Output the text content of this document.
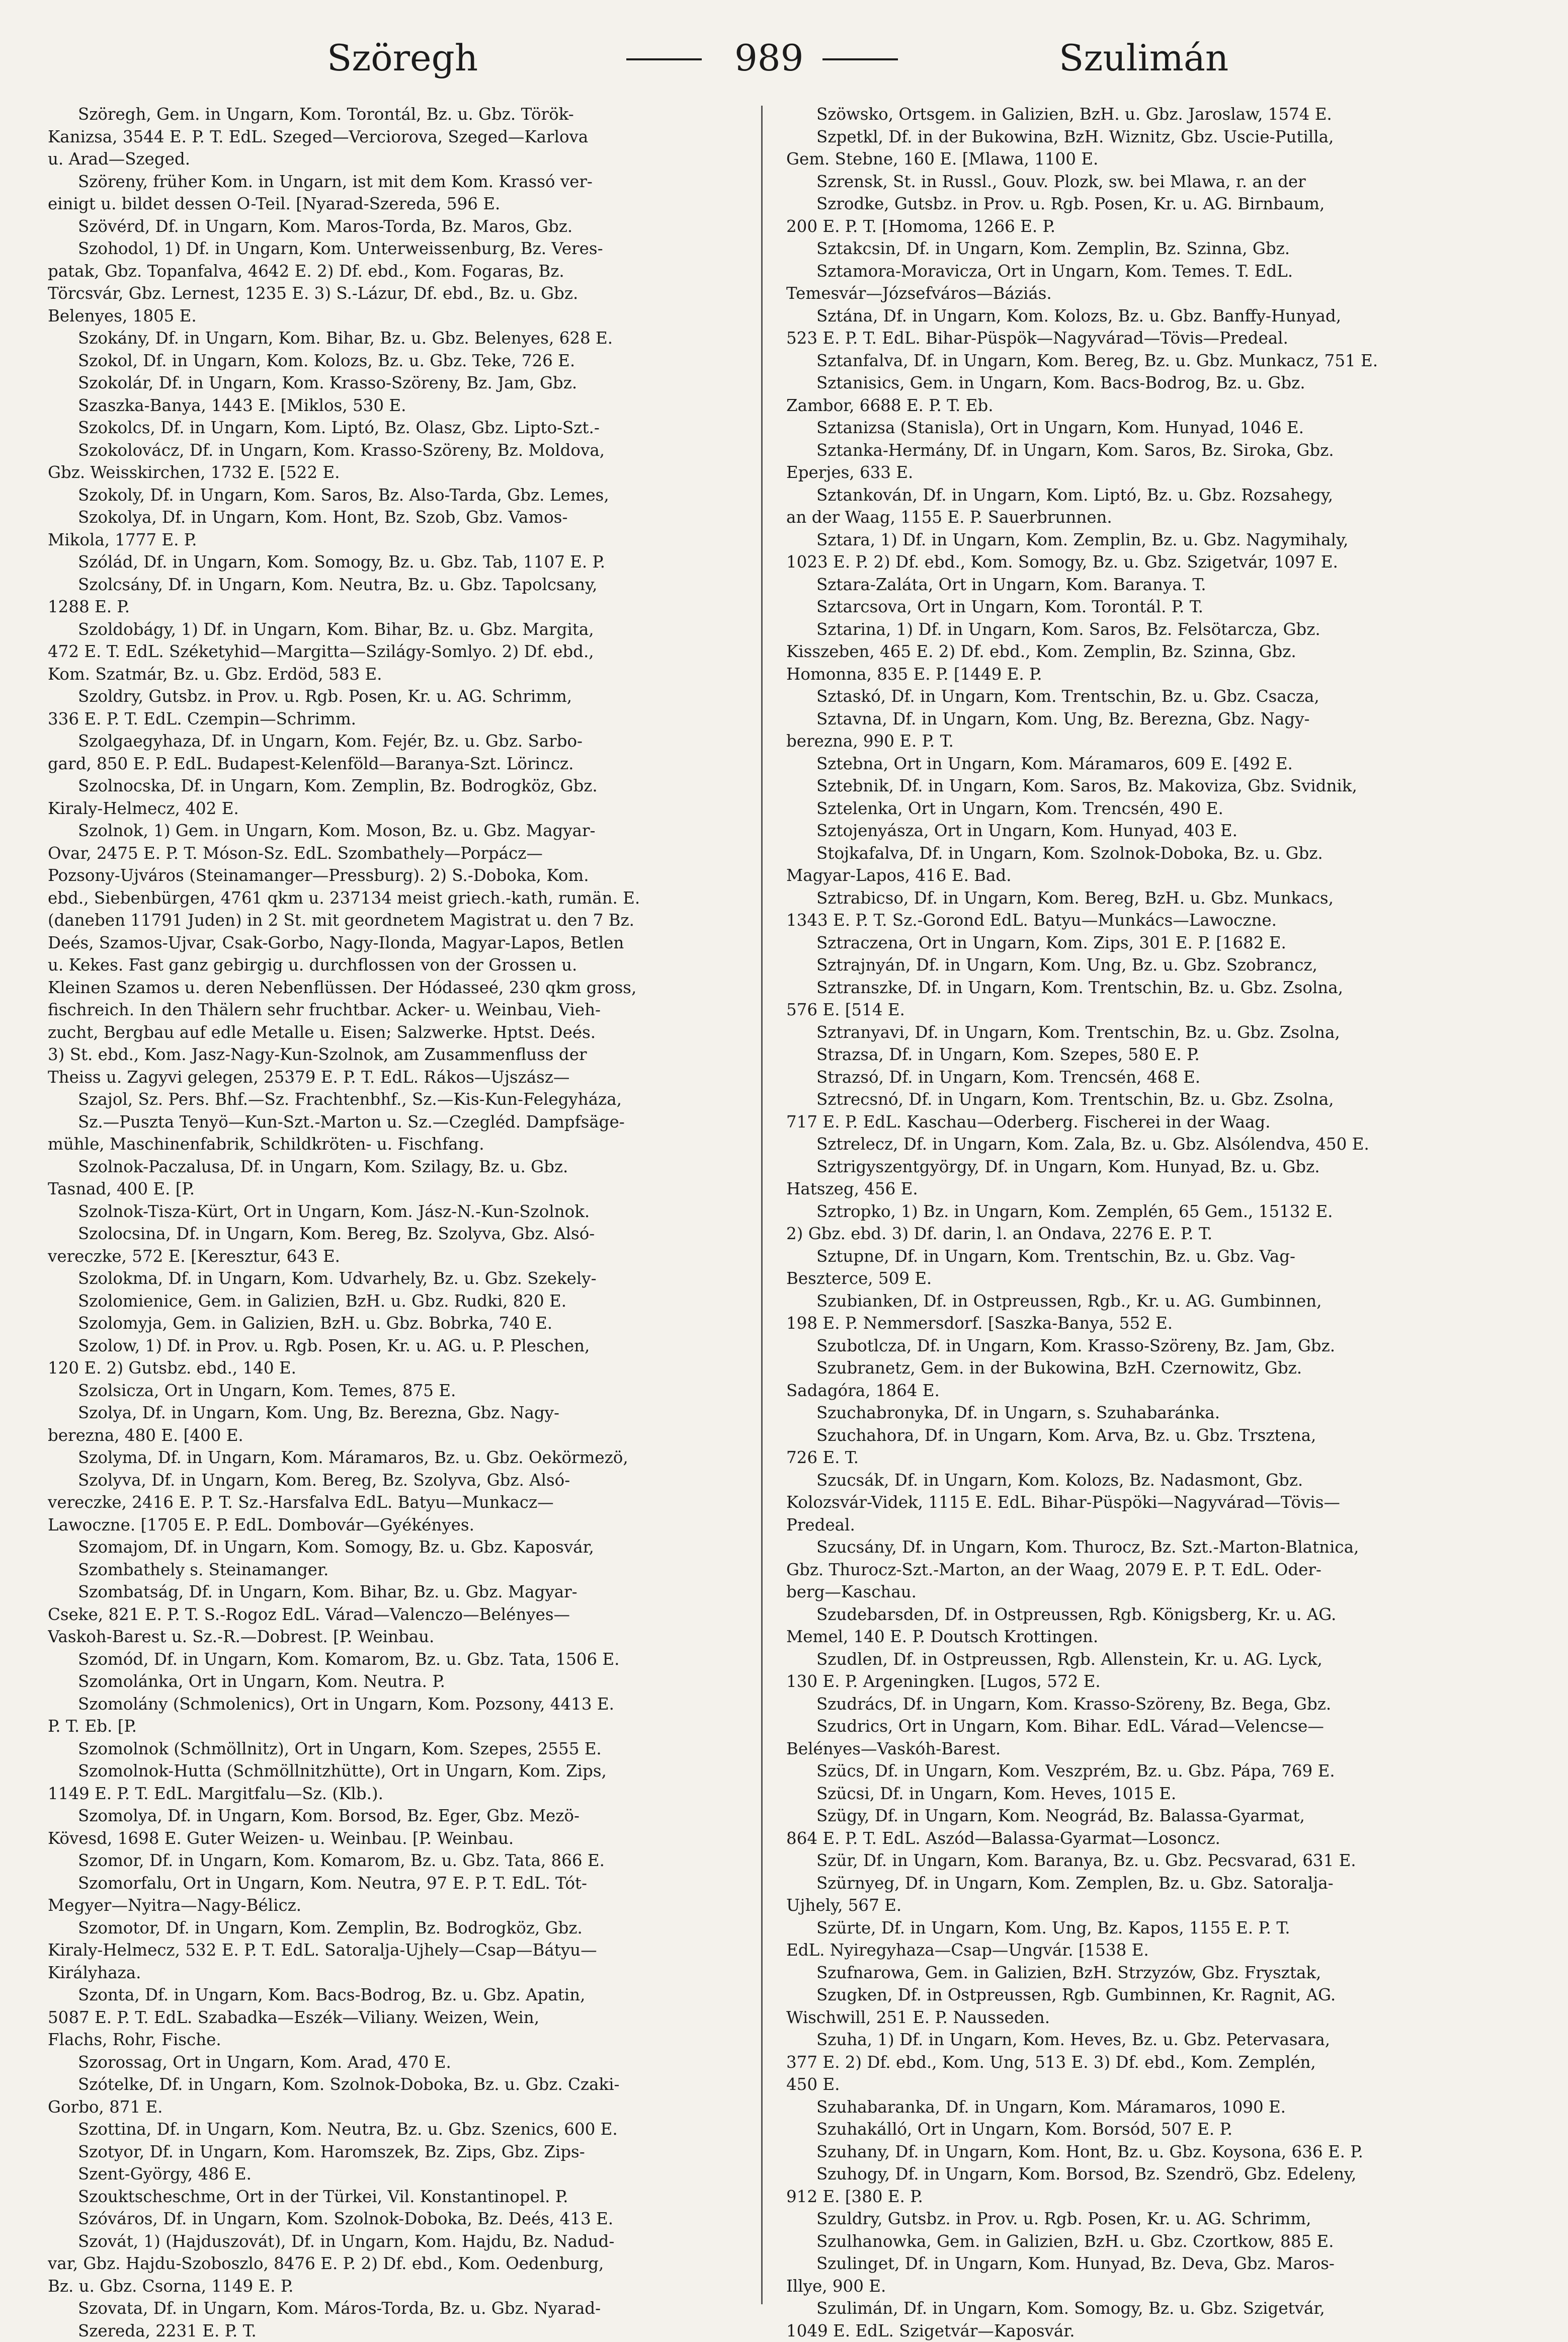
Szöregh	989	Szulimán
Szöregh, Gem. in Ungarn, Kom. Torontál, Bz. u. Gbz. Török-
Kanizsa, 3544 E. P. T. EdL. Szeged—Verciorova, Szeged—Karlova
u. Arad—Szeged.
Szöreny, früher Kom. in Ungarn, ist mit dem Kom. Krassó ver-
einigt u. bildet dessen O-Teil. [Nyarad-Szereda, 596 E.
Szövérd, Df. in Ungarn, Kom. Maros-Torda, Bz. Maros, Gbz.
Szohodol, 1) Df. in Ungarn, Kom. Unterweissenburg, Bz. Veres-
patak, Gbz. Topanfalva, 4642 E. 2) Df. ebd., Kom. Fogaras, Bz.
Törcsvár, Gbz. Lernest, 1235 E. 3) S.-Lázur, Df. ebd., Bz. u. Gbz.
Belenyes, 1805 E.
Szokány, Df. in Ungarn, Kom. Bihar, Bz. u. Gbz. Belenyes, 628 E.
Szokol, Df. in Ungarn, Kom. Kolozs, Bz. u. Gbz. Teke, 726 E.
Szokolár, Df. in Ungarn, Kom. Krasso-Szöreny, Bz. Jam, Gbz.
Szaszka-Banya, 1443 E. [Miklos, 530 E.
Szokolcs, Df. in Ungarn, Kom. Liptó, Bz. Olasz, Gbz. Lipto-Szt.-
Szokolovácz, Df. in Ungarn, Kom. Krasso-Szöreny, Bz. Moldova,
Gbz. Weisskirchen, 1732 E. [522 E.
Szokoly, Df. in Ungarn, Kom. Saros, Bz. Also-Tarda, Gbz. Lemes,
Szokolya, Df. in Ungarn, Kom. Hont, Bz. Szob, Gbz. Vamos-
Mikola, 1777 E. P.
Szólád, Df. in Ungarn, Kom. Somogy, Bz. u. Gbz. Tab, 1107 E. P.
Szolcsány, Df. in Ungarn, Kom. Neutra, Bz. u. Gbz. Tapolcsany,
1288 E. P.
Szoldobágy, 1) Df. in Ungarn, Kom. Bihar, Bz. u. Gbz. Margita,
472 E. T. EdL. Széketyhid—Margitta—Szilágy-Somlyo. 2) Df. ebd.,
Kom. Szatmár, Bz. u. Gbz. Erdöd, 583 E.
Szoldry, Gutsbz. in Prov. u. Rgb. Posen, Kr. u. AG. Schrimm,
336 E. P. T. EdL. Czempin—Schrimm.
Szolgaegyhaza, Df. in Ungarn, Kom. Fejér, Bz. u. Gbz. Sarbo-
gard, 850 E. P. EdL. Budapest-Kelenföld—Baranya-Szt. Lörincz.
Szolnocska, Df. in Ungarn, Kom. Zemplin, Bz. Bodrogköz, Gbz.
Kiraly-Helmecz, 402 E.
Szolnok, 1) Gem. in Ungarn, Kom. Moson, Bz. u. Gbz. Magyar-
Ovar, 2475 E. P. T. Móson-Sz. EdL. Szombathely—Porpácz—
Pozsony-Ujváros (Steinamanger—Pressburg). 2) S.-Doboka, Kom.
ebd., Siebenbürgen, 4761 qkm u. 237134 meist griech.-kath, rumän. E.
(daneben 11791 Juden) in 2 St. mit geordnetem Magistrat u. den 7 Bz.
Deés, Szamos-Ujvar, Csak-Gorbo, Nagy-Ilonda, Magyar-Lapos, Betlen
u. Kekes. Fast ganz gebirgig u. durchflossen von der Grossen u.
Kleinen Szamos u. deren Nebenflüssen. Der Hódasseé, 230 qkm gross,
fischreich. In den Thälern sehr fruchtbar. Acker- u. Weinbau, Vieh-
zucht, Bergbau auf edle Metalle u. Eisen; Salzwerke. Hptst. Deés.
3) St. ebd., Kom. Jasz-Nagy-Kun-Szolnok, am Zusammenfluss der
Theiss u. Zagyvi gelegen, 25379 E. P. T. EdL. Rákos—Ujszász—
Szajol, Sz. Pers. Bhf.—Sz. Frachtenbhf., Sz.—Kis-Kun-Felegyháza,
Sz.—Puszta Tenyö—Kun-Szt.-Marton u. Sz.—Czegléd. Dampfsäge-
mühle, Maschinenfabrik, Schildkröten- u. Fischfang.
Szolnok-Paczalusa, Df. in Ungarn, Kom. Szilagy, Bz. u. Gbz.
Tasnad, 400 E. [P.
Szolnok-Tisza-Kürt, Ort in Ungarn, Kom. Jász-N.-Kun-Szolnok.
Szolocsina, Df. in Ungarn, Kom. Bereg, Bz. Szolyva, Gbz. Alsó-
vereczke, 572 E. [Keresztur, 643 E.
Szolokma, Df. in Ungarn, Kom. Udvarhely, Bz. u. Gbz. Szekely-
Szolomienice, Gem. in Galizien, BzH. u. Gbz. Rudki, 820 E.
Szolomyja, Gem. in Galizien, BzH. u. Gbz. Bobrka, 740 E.
Szolow, 1) Df. in Prov. u. Rgb. Posen, Kr. u. AG. u. P. Pleschen,
120 E. 2) Gutsbz. ebd., 140 E.
Szolsicza, Ort in Ungarn, Kom. Temes, 875 E.
Szolya, Df. in Ungarn, Kom. Ung, Bz. Berezna, Gbz. Nagy-
berezna, 480 E. [400 E.
Szolyma, Df. in Ungarn, Kom. Máramaros, Bz. u. Gbz. Oekörmezö,
Szolyva, Df. in Ungarn, Kom. Bereg, Bz. Szolyva, Gbz. Alsó-
vereczke, 2416 E. P. T. Sz.-Harsfalva EdL. Batyu—Munkacz—
Lawoczne. [1705 E. P. EdL. Dombovár—Gyékényes.
Szomajom, Df. in Ungarn, Kom. Somogy, Bz. u. Gbz. Kaposvár,
Szombathely s. Steinamanger.
Szombatság, Df. in Ungarn, Kom. Bihar, Bz. u. Gbz. Magyar-
Cseke, 821 E. P. T. S.-Rogoz EdL. Várad—Valenczo—Belényes—
Vaskoh-Barest u. Sz.-R.—Dobrest. [P. Weinbau.
Szomód, Df. in Ungarn, Kom. Komarom, Bz. u. Gbz. Tata, 1506 E.
Szomolánka, Ort in Ungarn, Kom. Neutra. P.
Szomolány (Schmolenics), Ort in Ungarn, Kom. Pozsony, 4413 E.
P. T. Eb. [P.
Szomolnok (Schmöllnitz), Ort in Ungarn, Kom. Szepes, 2555 E.
Szomolnok-Hutta (Schmöllnitzhütte), Ort in Ungarn, Kom. Zips,
1149 E. P. T. EdL. Margitfalu—Sz. (Klb.).
Szomolya, Df. in Ungarn, Kom. Borsod, Bz. Eger, Gbz. Mezö-
Kövesd, 1698 E. Guter Weizen- u. Weinbau. [P. Weinbau.
Szomor, Df. in Ungarn, Kom. Komarom, Bz. u. Gbz. Tata, 866 E.
Szomorfalu, Ort in Ungarn, Kom. Neutra, 97 E. P. T. EdL. Tót-
Megyer—Nyitra—Nagy-Bélicz.
Szomotor, Df. in Ungarn, Kom. Zemplin, Bz. Bodrogköz, Gbz.
Kiraly-Helmecz, 532 E. P. T. EdL. Satoralja-Ujhely—Csap—Bátyu—
Királyhaza.
Szonta, Df. in Ungarn, Kom. Bacs-Bodrog, Bz. u. Gbz. Apatin,
5087 E. P. T. EdL. Szabadka—Eszék—Viliany. Weizen, Wein,
Flachs, Rohr, Fische.
Szorossag, Ort in Ungarn, Kom. Arad, 470 E.
Szótelke, Df. in Ungarn, Kom. Szolnok-Doboka, Bz. u. Gbz. Czaki-
Gorbo, 871 E.
Szottina, Df. in Ungarn, Kom. Neutra, Bz. u. Gbz. Szenics, 600 E.
Szotyor, Df. in Ungarn, Kom. Haromszek, Bz. Zips, Gbz. Zips-
Szent-György, 486 E.
Szouktscheschme, Ort in der Türkei, Vil. Konstantinopel. P.
Szóváros, Df. in Ungarn, Kom. Szolnok-Doboka, Bz. Deés, 413 E.
Szovát, 1) (Hajduszovát), Df. in Ungarn, Kom. Hajdu, Bz. Nadud-
var, Gbz. Hajdu-Szoboszlo, 8476 E. P. 2) Df. ebd., Kom. Oedenburg,
Bz. u. Gbz. Csorna, 1149 E. P.
Szovata, Df. in Ungarn, Kom. Máros-Torda, Bz. u. Gbz. Nyarad-
Szereda, 2231 E. P. T.
Szöwsko, Ortsgem. in Galizien, BzH. u. Gbz. Jaroslaw, 1574 E.
Szpetkl, Df. in der Bukowina, BzH. Wiznitz, Gbz. Uscie-Putilla,
Gem. Stebne, 160 E. [Mlawa, 1100 E.
Szrensk, St. in Russl., Gouv. Plozk, sw. bei Mlawa, r. an der
Szrodke, Gutsbz. in Prov. u. Rgb. Posen, Kr. u. AG. Birnbaum,
200 E. P. T. [Homoma, 1266 E. P.
Sztakcsin, Df. in Ungarn, Kom. Zemplin, Bz. Szinna, Gbz.
Sztamora-Moravicza, Ort in Ungarn, Kom. Temes. T. EdL.
Temesvár—Józsefváros—Báziás.
Sztána, Df. in Ungarn, Kom. Kolozs, Bz. u. Gbz. Banffy-Hunyad,
523 E. P. T. EdL. Bihar-Püspök—Nagyvárad—Tövis—Predeal.
Sztanfalva, Df. in Ungarn, Kom. Bereg, Bz. u. Gbz. Munkacz, 751 E.
Sztanisics, Gem. in Ungarn, Kom. Bacs-Bodrog, Bz. u. Gbz.
Zambor, 6688 E. P. T. Eb.
Sztanizsa (Stanisla), Ort in Ungarn, Kom. Hunyad, 1046 E.
Sztanka-Hermány, Df. in Ungarn, Kom. Saros, Bz. Siroka, Gbz.
Eperjes, 633 E.
Sztankován, Df. in Ungarn, Kom. Liptó, Bz. u. Gbz. Rozsahegy,
an der Waag, 1155 E. P. Sauerbrunnen.
Sztara, 1) Df. in Ungarn, Kom. Zemplin, Bz. u. Gbz. Nagymihaly,
1023 E. P. 2) Df. ebd., Kom. Somogy, Bz. u. Gbz. Szigetvár, 1097 E.
Sztara-Zaláta, Ort in Ungarn, Kom. Baranya. T.
Sztarcsova, Ort in Ungarn, Kom. Torontál. P. T.
Sztarina, 1) Df. in Ungarn, Kom. Saros, Bz. Felsötarcza, Gbz.
Kisszeben, 465 E. 2) Df. ebd., Kom. Zemplin, Bz. Szinna, Gbz.
Homonna, 835 E. P. [1449 E. P.
Sztaskó, Df. in Ungarn, Kom. Trentschin, Bz. u. Gbz. Csacza,
Sztavna, Df. in Ungarn, Kom. Ung, Bz. Berezna, Gbz. Nagy-
berezna, 990 E. P. T.
Sztebna, Ort in Ungarn, Kom. Máramaros, 609 E. [492 E.
Sztebnik, Df. in Ungarn, Kom. Saros, Bz. Makoviza, Gbz. Svidnik,
Sztelenka, Ort in Ungarn, Kom. Trencsén, 490 E.
Sztojenyásza, Ort in Ungarn, Kom. Hunyad, 403 E.
Stojkafalva, Df. in Ungarn, Kom. Szolnok-Doboka, Bz. u. Gbz.
Magyar-Lapos, 416 E. Bad.
Sztrabicso, Df. in Ungarn, Kom. Bereg, BzH. u. Gbz. Munkacs,
1343 E. P. T. Sz.-Gorond EdL. Batyu—Munkács—Lawoczne.
Sztraczena, Ort in Ungarn, Kom. Zips, 301 E. P. [1682 E.
Sztrajnyán, Df. in Ungarn, Kom. Ung, Bz. u. Gbz. Szobrancz,
Sztranszke, Df. in Ungarn, Kom. Trentschin, Bz. u. Gbz. Zsolna,
576 E. [514 E.
Sztranyavi, Df. in Ungarn, Kom. Trentschin, Bz. u. Gbz. Zsolna,
Strazsa, Df. in Ungarn, Kom. Szepes, 580 E. P.
Strazsó, Df. in Ungarn, Kom. Trencsén, 468 E.
Sztrecsnó, Df. in Ungarn, Kom. Trentschin, Bz. u. Gbz. Zsolna,
717 E. P. EdL. Kaschau—Oderberg. Fischerei in der Waag.
Sztrelecz, Df. in Ungarn, Kom. Zala, Bz. u. Gbz. Alsólendva, 450 E.
Sztrigyszentgyörgy, Df. in Ungarn, Kom. Hunyad, Bz. u. Gbz.
Hatszeg, 456 E.
Sztropko, 1) Bz. in Ungarn, Kom. Zemplén, 65 Gem., 15132 E.
2) Gbz. ebd. 3) Df. darin, l. an Ondava, 2276 E. P. T.
Sztupne, Df. in Ungarn, Kom. Trentschin, Bz. u. Gbz. Vag-
Beszterce, 509 E.
Szubianken, Df. in Ostpreussen, Rgb., Kr. u. AG. Gumbinnen,
198 E. P. Nemmersdorf. [Saszka-Banya, 552 E.
Szubotlcza, Df. in Ungarn, Kom. Krasso-Szöreny, Bz. Jam, Gbz.
Szubranetz, Gem. in der Bukowina, BzH. Czernowitz, Gbz.
Sadagóra, 1864 E.
Szuchabronyka, Df. in Ungarn, s. Szuhabaránka.
Szuchahora, Df. in Ungarn, Kom. Arva, Bz. u. Gbz. Trsztena,
726 E. T.
Szucsák, Df. in Ungarn, Kom. Kolozs, Bz. Nadasmont, Gbz.
Kolozsvár-Videk, 1115 E. EdL. Bihar-Püspöki—Nagyvárad—Tövis—
Predeal.
Szucsány, Df. in Ungarn, Kom. Thurocz, Bz. Szt.-Marton-Blatnica,
Gbz. Thurocz-Szt.-Marton, an der Waag, 2079 E. P. T. EdL. Oder-
berg—Kaschau.
Szudebarsden, Df. in Ostpreussen, Rgb. Königsberg, Kr. u. AG.
Memel, 140 E. P. Doutsch Krottingen.
Szudlen, Df. in Ostpreussen, Rgb. Allenstein, Kr. u. AG. Lyck,
130 E. P. Argeningken. [Lugos, 572 E.
Szudrács, Df. in Ungarn, Kom. Krasso-Szöreny, Bz. Bega, Gbz.
Szudrics, Ort in Ungarn, Kom. Bihar. EdL. Várad—Velencse—
Belényes—Vaskóh-Barest.
Szücs, Df. in Ungarn, Kom. Veszprém, Bz. u. Gbz. Pápa, 769 E.
Szücsi, Df. in Ungarn, Kom. Heves, 1015 E.
Szügy, Df. in Ungarn, Kom. Neográd, Bz. Balassa-Gyarmat,
864 E. P. T. EdL. Aszód—Balassa-Gyarmat—Losoncz.
Szür, Df. in Ungarn, Kom. Baranya, Bz. u. Gbz. Pecsvarad, 631 E.
Szürnyeg, Df. in Ungarn, Kom. Zemplen, Bz. u. Gbz. Satoralja-
Ujhely, 567 E.
Szürte, Df. in Ungarn, Kom. Ung, Bz. Kapos, 1155 E. P. T.
EdL. Nyiregyhaza—Csap—Ungvár. [1538 E.
Szufnarowa, Gem. in Galizien, BzH. Strzyzów, Gbz. Frysztak,
Szugken, Df. in Ostpreussen, Rgb. Gumbinnen, Kr. Ragnit, AG.
Wischwill, 251 E. P. Nausseden.
Szuha, 1) Df. in Ungarn, Kom. Heves, Bz. u. Gbz. Petervasara,
377 E. 2) Df. ebd., Kom. Ung, 513 E. 3) Df. ebd., Kom. Zemplén,
450 E.
Szuhabaranka, Df. in Ungarn, Kom. Máramaros, 1090 E.
Szuhakálló, Ort in Ungarn, Kom. Borsód, 507 E. P.
Szuhany, Df. in Ungarn, Kom. Hont, Bz. u. Gbz. Koysona, 636 E. P.
Szuhogy, Df. in Ungarn, Kom. Borsod, Bz. Szendrö, Gbz. Edeleny,
912 E. [380 E. P.
Szuldry, Gutsbz. in Prov. u. Rgb. Posen, Kr. u. AG. Schrimm,
Szulhanowka, Gem. in Galizien, BzH. u. Gbz. Czortkow, 885 E.
Szulinget, Df. in Ungarn, Kom. Hunyad, Bz. Deva, Gbz. Maros-
Illye, 900 E.
Szulimán, Df. in Ungarn, Kom. Somogy, Bz. u. Gbz. Szigetvár,
1049 E. EdL. Szigetvár—Kaposvár.
